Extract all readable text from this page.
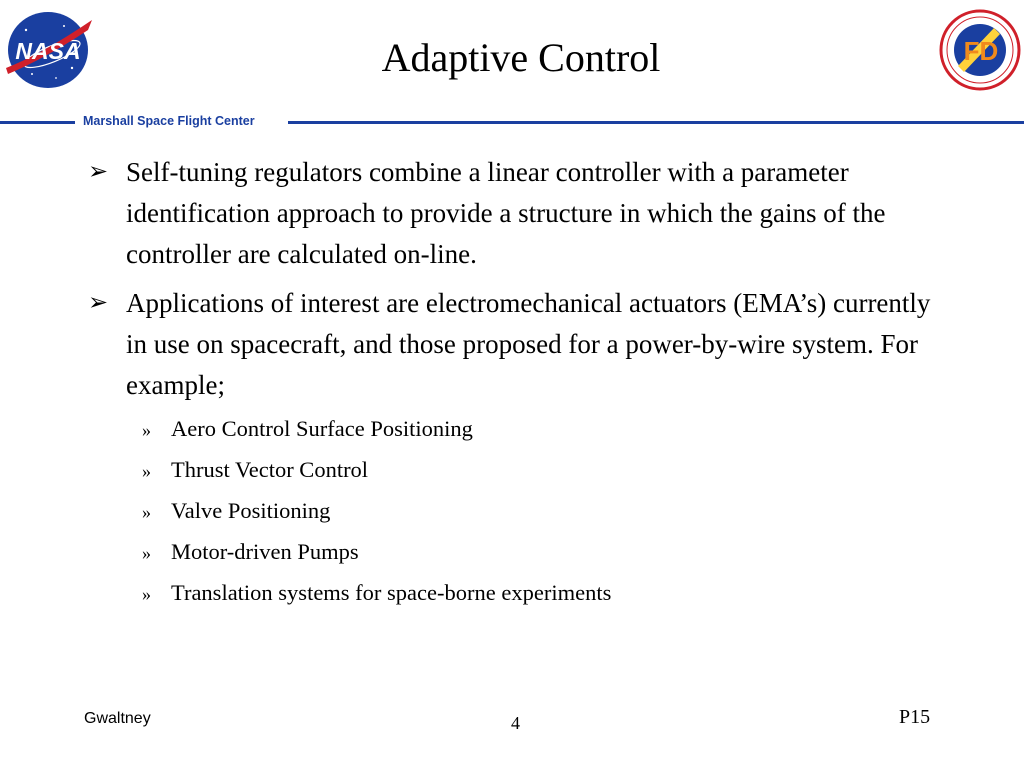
NASA	Adaptive Control	FD
Marshall Space Flight Center
➢ Self-tuning regulators combine a linear controller with a parameter identification approach to provide a structure in which the gains of the controller are calculated on-line.
➢ Applications of interest are electromechanical actuators (EMA’s) currently in use on spacecraft, and those proposed for a power-by-wire system. For example;
» Aero Control Surface Positioning
» Thrust Vector Control
» Valve Positioning
» Motor-driven Pumps
» Translation systems for space-borne experiments
Gwaltney	4	P15
